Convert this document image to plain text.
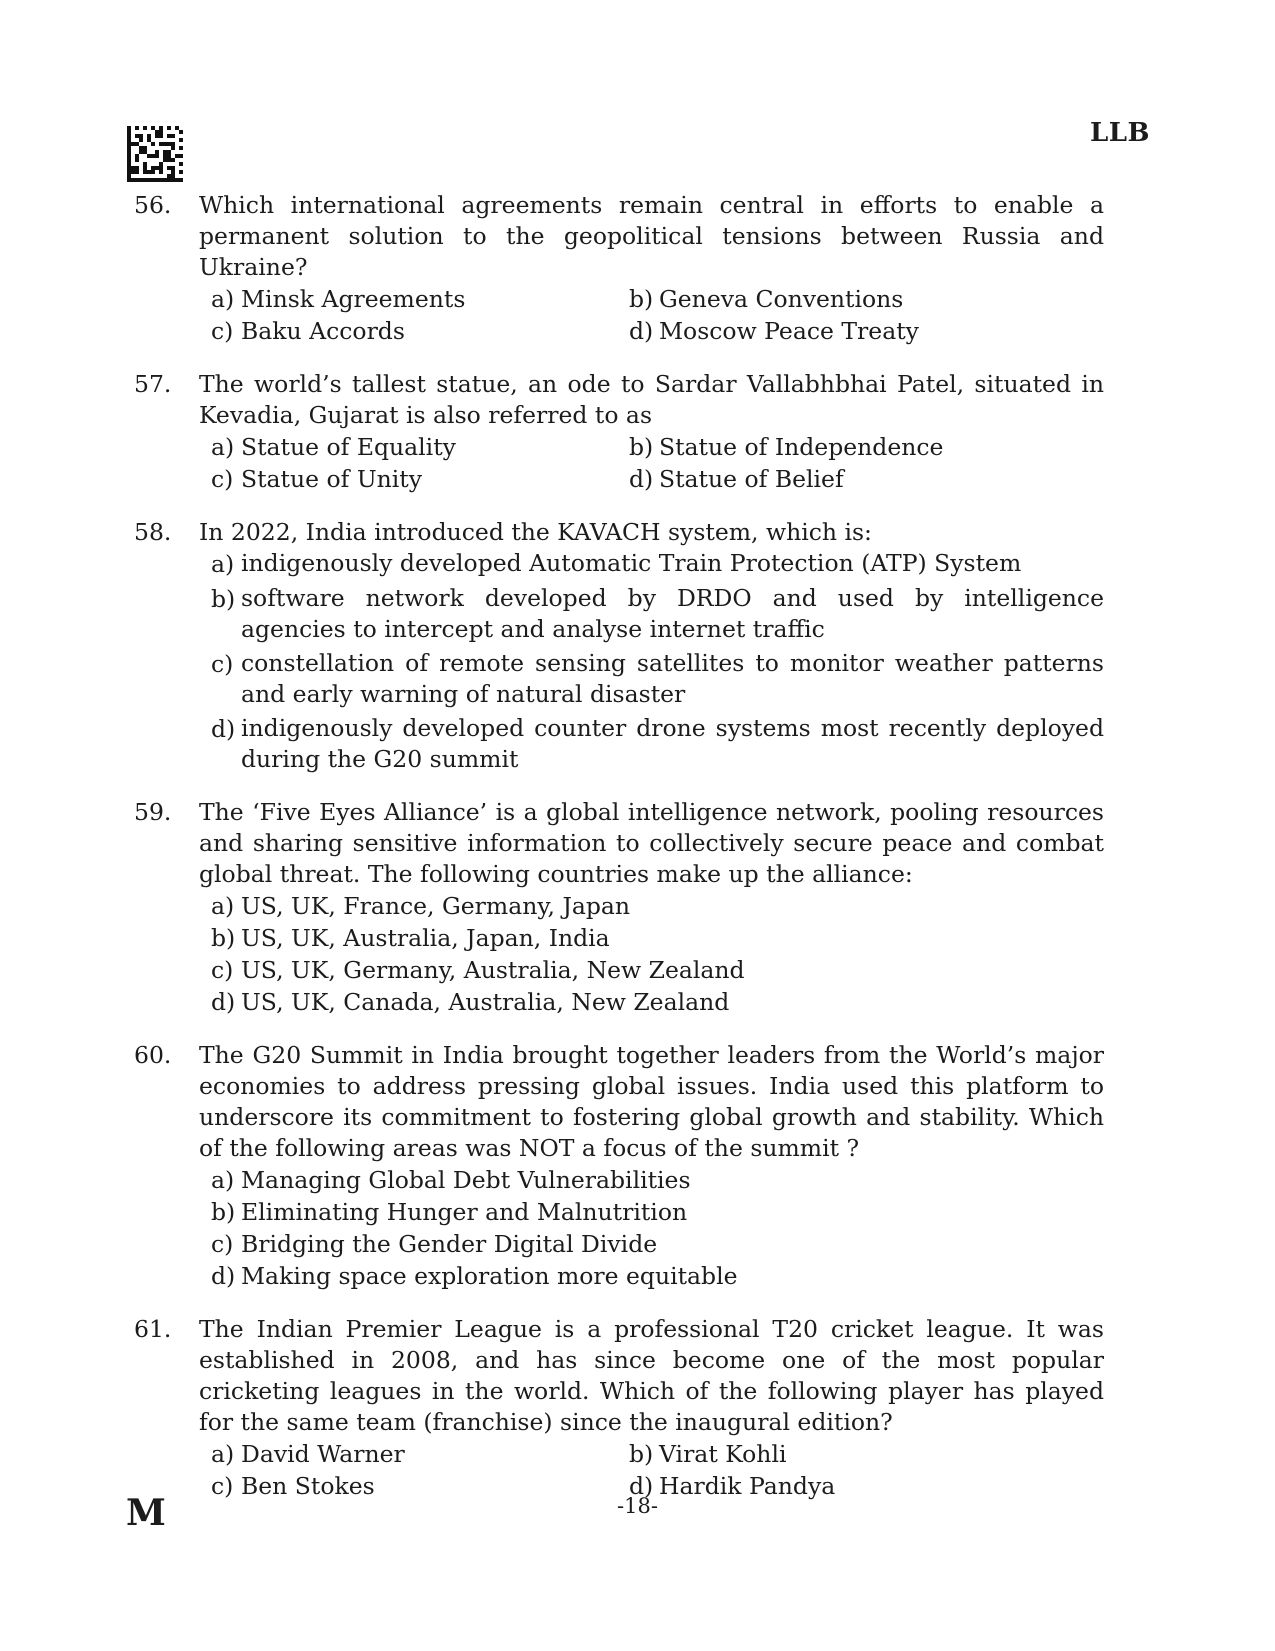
LLB
56. Which international agreements remain central in efforts to enable a permanent solution to the geopolitical tensions between Russia and Ukraine?
a) Minsk Agreements	b) Geneva Conventions
c) Baku Accords	d) Moscow Peace Treaty
57. The world’s tallest statue, an ode to Sardar Vallabhbhai Patel, situated in Kevadia, Gujarat is also referred to as
a) Statue of Equality	b) Statue of Independence
c) Statue of Unity	d) Statue of Belief
58. In 2022, India introduced the KAVACH system, which is:
a) indigenously developed Automatic Train Protection (ATP) System
b) software network developed by DRDO and used by intelligence agencies to intercept and analyse internet traffic
c) constellation of remote sensing satellites to monitor weather patterns and early warning of natural disaster
d) indigenously developed counter drone systems most recently deployed during the G20 summit
59. The ‘Five Eyes Alliance’ is a global intelligence network, pooling resources and sharing sensitive information to collectively secure peace and combat global threat. The following countries make up the alliance:
a) US, UK, France, Germany, Japan
b) US, UK, Australia, Japan, India
c) US, UK, Germany, Australia, New Zealand
d) US, UK, Canada, Australia, New Zealand
60. The G20 Summit in India brought together leaders from the World’s major economies to address pressing global issues. India used this platform to underscore its commitment to fostering global growth and stability. Which of the following areas was NOT a focus of the summit ?
a) Managing Global Debt Vulnerabilities
b) Eliminating Hunger and Malnutrition
c) Bridging the Gender Digital Divide
d) Making space exploration more equitable
61. The Indian Premier League is a professional T20 cricket league. It was established in 2008, and has since become one of the most popular cricketing leagues in the world. Which of the following player has played for the same team (franchise) since the inaugural edition?
a) David Warner	b) Virat Kohli
c) Ben Stokes	d) Hardik Pandya
M	-18-
